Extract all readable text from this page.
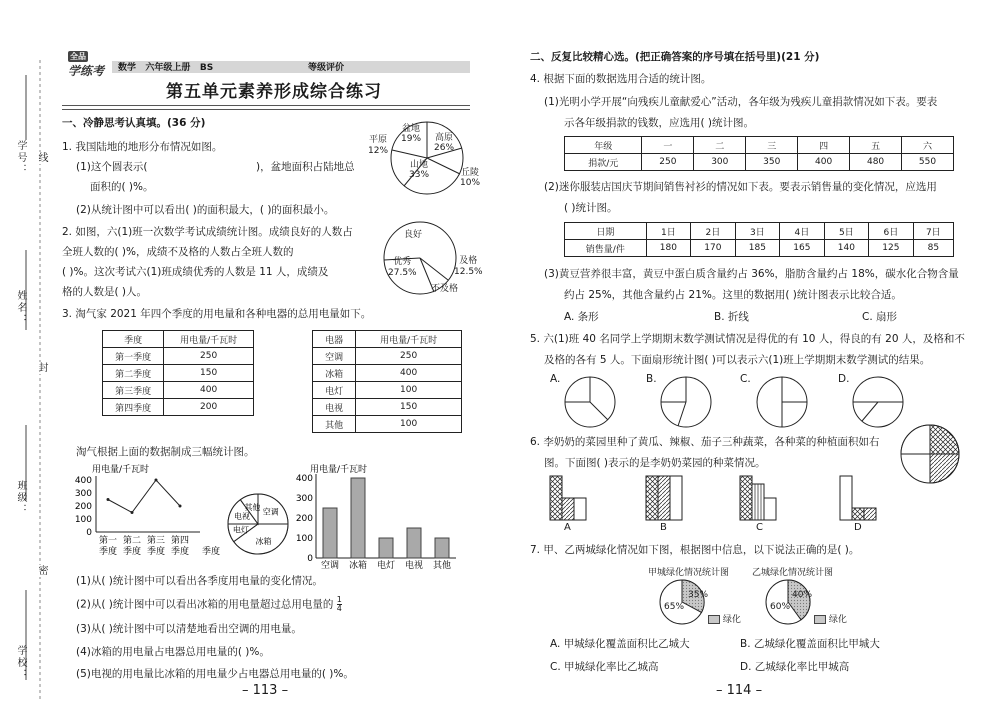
学号：
姓名：
班级：
学校：
线
封
密
全品
学练考	数学 六年级上册 BS	等级评价
第五单元素养形成综合练习
一、冷静思考认真填。(36 分)
1. 我国陆地的地形分布情况如图。
(1)这个圆表示(	)，盆地面积占陆地总
面积的( )%。
(2)从统计图中可以看出( )的面积最大，( )的面积最小。
平原
12%
盆地
19% 高原
26%
山地
33%	丘陵
10%
2. 如图，六(1)班一次数学考试成绩统计图。成绩良好的人数占
全班人数的( )%，成绩不及格的人数占全班人数的
( )%。这次考试六(1)班成绩优秀的人数是 11 人，成绩及
格的人数是( )人。
良好
优秀
27.5%
及格
12.5%
不及格
3. 淘气家 2021 年四个季度的用电量和各种电器的总用电量如下。
季度	用电量/千瓦时
第一季度	250
第二季度	150
第三季度	400
第四季度	200
电器	用电量/千瓦时
空调	250
冰箱	400
电灯	100
电视	150
其他	100
淘气根据上面的数据制成三幅统计图。
用电量/千瓦时
0
100
200
300
400
第一
季度
第二
季度
第三
季度
第四
季度 季度
空调
冰箱
电灯
电视
其他
用电量/千瓦时
0
100
200
300
400
空调 冰箱 电灯 电视 其他
(1)从( )统计图中可以看出各季度用电量的变化情况。
(2)从( )统计图中可以看出冰箱的用电量超过总用电量的 $\frac{1}{4}$
(3)从( )统计图中可以清楚地看出空调的用电量。
(4)冰箱的用电量占电器总用电量的( )%。
(5)电视的用电量比冰箱的用电量少占电器总用电量的( )%。
– 113 –
二、反复比较精心选。(把正确答案的序号填在括号里)(21 分)
4. 根据下面的数据选用合适的统计图。
(1)光明小学开展“向残疾儿童献爱心”活动，各年级为残疾儿童捐款情况如下表。要表
示各年级捐款的钱数，应选用( )统计图。
年级	一	二	三	四	五	六
捐款/元	250	300	350	400	480	550
(2)迷你服装店国庆节期间销售衬衫的情况如下表。要表示销售量的变化情况，应选用
( )统计图。
日期	1日	2日	3日	4日	5日	6日	7日
销售量/件	180	170	185	165	140	125	85
(3)黄豆营养很丰富，黄豆中蛋白质含量约占 36%，脂肪含量约占 18%，碳水化合物含量
约占 25%，其他含量约占 21%。这里的数据用( )统计图表示比较合适。
A. 条形	B. 折线	C. 扇形
5. 六(1)班 40 名同学上学期期末数学测试情况是得优的有 10 人，得良的有 20 人，及格和不
及格的各有 5 人。下面扇形统计图( )可以表示六(1)班上学期期末数学测试的结果。
A.	B.	C.	D.
6. 李奶奶的菜园里种了黄瓜、辣椒、茄子三种蔬菜，各种菜的种植面积如右
图。下面图( )表示的是李奶奶菜园的种菜情况。
A	B	C	D
7. 甲、乙两城绿化情况如下图，根据图中信息，以下说法正确的是( )。
甲城绿化情况统计图	乙城绿化情况统计图
65%
35%
60%
40%
绿化	绿化
A. 甲城绿化覆盖面积比乙城大	B. 乙城绿化覆盖面积比甲城大
C. 甲城绿化率比乙城高	D. 乙城绿化率比甲城高
– 114 –
